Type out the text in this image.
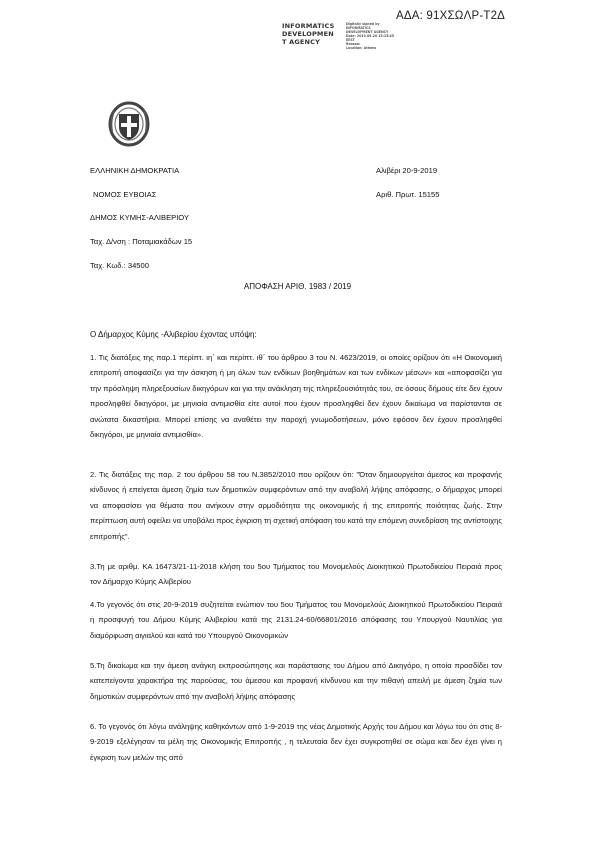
ΑΔΑ: 91ΧΣΩΛΡ-Τ2Δ
INFORMATICS
DEVELOPMEN
T AGENCY
Digitally signed by
INFORMATICS
DEVELOPMENT AGENCY
Date: 2019.09.20 15:15:45
EEST
Reason:
Location: Athens
ΕΛΛΗΝΙΚΗ ΔΗΜΟΚΡΑΤΙΑ
ΝΟΜΟΣ ΕΥΒΟΙΑΣ
ΔΗΜΟΣ ΚΥΜΗΣ-ΑΛΙΒΕΡΙΟΥ
Ταχ. Δ/νση : Ποταμιακάδων 15
Ταχ. Κωδ.: 34500
Αλιβέρι 20-9-2019
Αριθ. Πρωτ. 15155
ΑΠΟΦΑΣΗ ΑΡΙΘ. 1983 / 2019
Ο Δήμαρχος Κύμης -Αλιβερίου έχοντας υπόψη:
1. Τις διατάξεις της παρ.1 περίπτ. ιη΄ και περίπτ. ιθ΄ του άρθρου 3 του Ν. 4623/2019, οι οποίες ορίζουν ότι «Η Οικονομική επιτροπή αποφασίζει για την άσκηση ή μη όλων των ενδίκων βοηθημάτων και των ενδίκων μέσων» και «αποφασίζει για την πρόσληψη πληρεξουσίων δικηγόρων και για την ανάκληση της πληρεξουσιότητάς του, σε όσους δήμους είτε δεν έχουν προσληφθεί δικηγόροι, με μηνιαία αντιμισθία είτε αυτοί που έχουν προσληφθεί δεν έχουν δικαίωμα να παρίστανται σε ανώτατα δικαστήρια. Μπορεί επίσης να αναθέτει την παροχή γνωμοδοτήσεων, μόνο εφόσον δεν έχουν προσληφθεί δικηγόροι, με μηνιαία αντιμισθία».
2. Τις διατάξεις της παρ. 2 του άρθρου 58 του Ν.3852/2010 που ορίζουν ότι: "Όταν δημιουργείται άμεσος και προφανής κίνδυνος ή επείγεται άμεση ζημία των δημοτικών συμφερόντων από την αναβολή λήψης απόφασης, ο δήμαρχος μπορεί να αποφασίσει για θέματα που ανήκουν στην αρμοδιότητα της οικονομικής ή της επιτροπής ποιότητας ζωής. Στην περίπτωση αυτή οφείλει να υποβάλει προς έγκριση τη σχετική απόφαση του κατά την επόμενη συνεδρίαση της αντίστοιχης επιτροπής".
3.Τη με αριθμ. ΚΑ 16473/21-11-2018 κλήση του 5ου Τμήματος του Μονομελούς Διοικητικού Πρωτοδικείου Πειραιά προς τον Δήμαρχο Κύμης Αλιβερίου
4.Το γεγονός ότι στις 20-9-2019 συζητείται ενώπιον του 5ου Τμήματος του Μονομελούς Διοικητικού Πρωτοδικείου Πειραιά η προσφυγή του Δήμου Κύμης Αλιβερίου κατά της 2131.24-60/66801/2016 απόφασης του Υπουργού Ναυτιλίας για διαμόρφωση αιγιαλού και κατά του Υπουργού Οικονομικών
5.Τη δικαίωμα και την άμεση ανάγκη εκπροσώπησης και παράστασης του Δήμου από Δικηγόρο, η οποία προσδίδει τον κατεπείγοντα χαρακτήρα της παρούσας, του άμεσου και προφανή κίνδυνου και την πιθανή απειλή με άμεση ζημία των δημοτικών συμφερόντων από την αναβολή λήψης απόφασης
6. Το γεγονός ότι λόγω ανάληψης καθηκόντων από 1-9-2019 της νέας Δημοτικής Αρχής του Δήμου και λόγω του ότι στις 8-9-2019 εξελέγησαν τα μέλη της Οικονομικής Επιτροπής , η τελευταία δεν έχει συγκροτηθεί σε σώμα και δεν έχει γίνει η έγκριση των μελών της από
